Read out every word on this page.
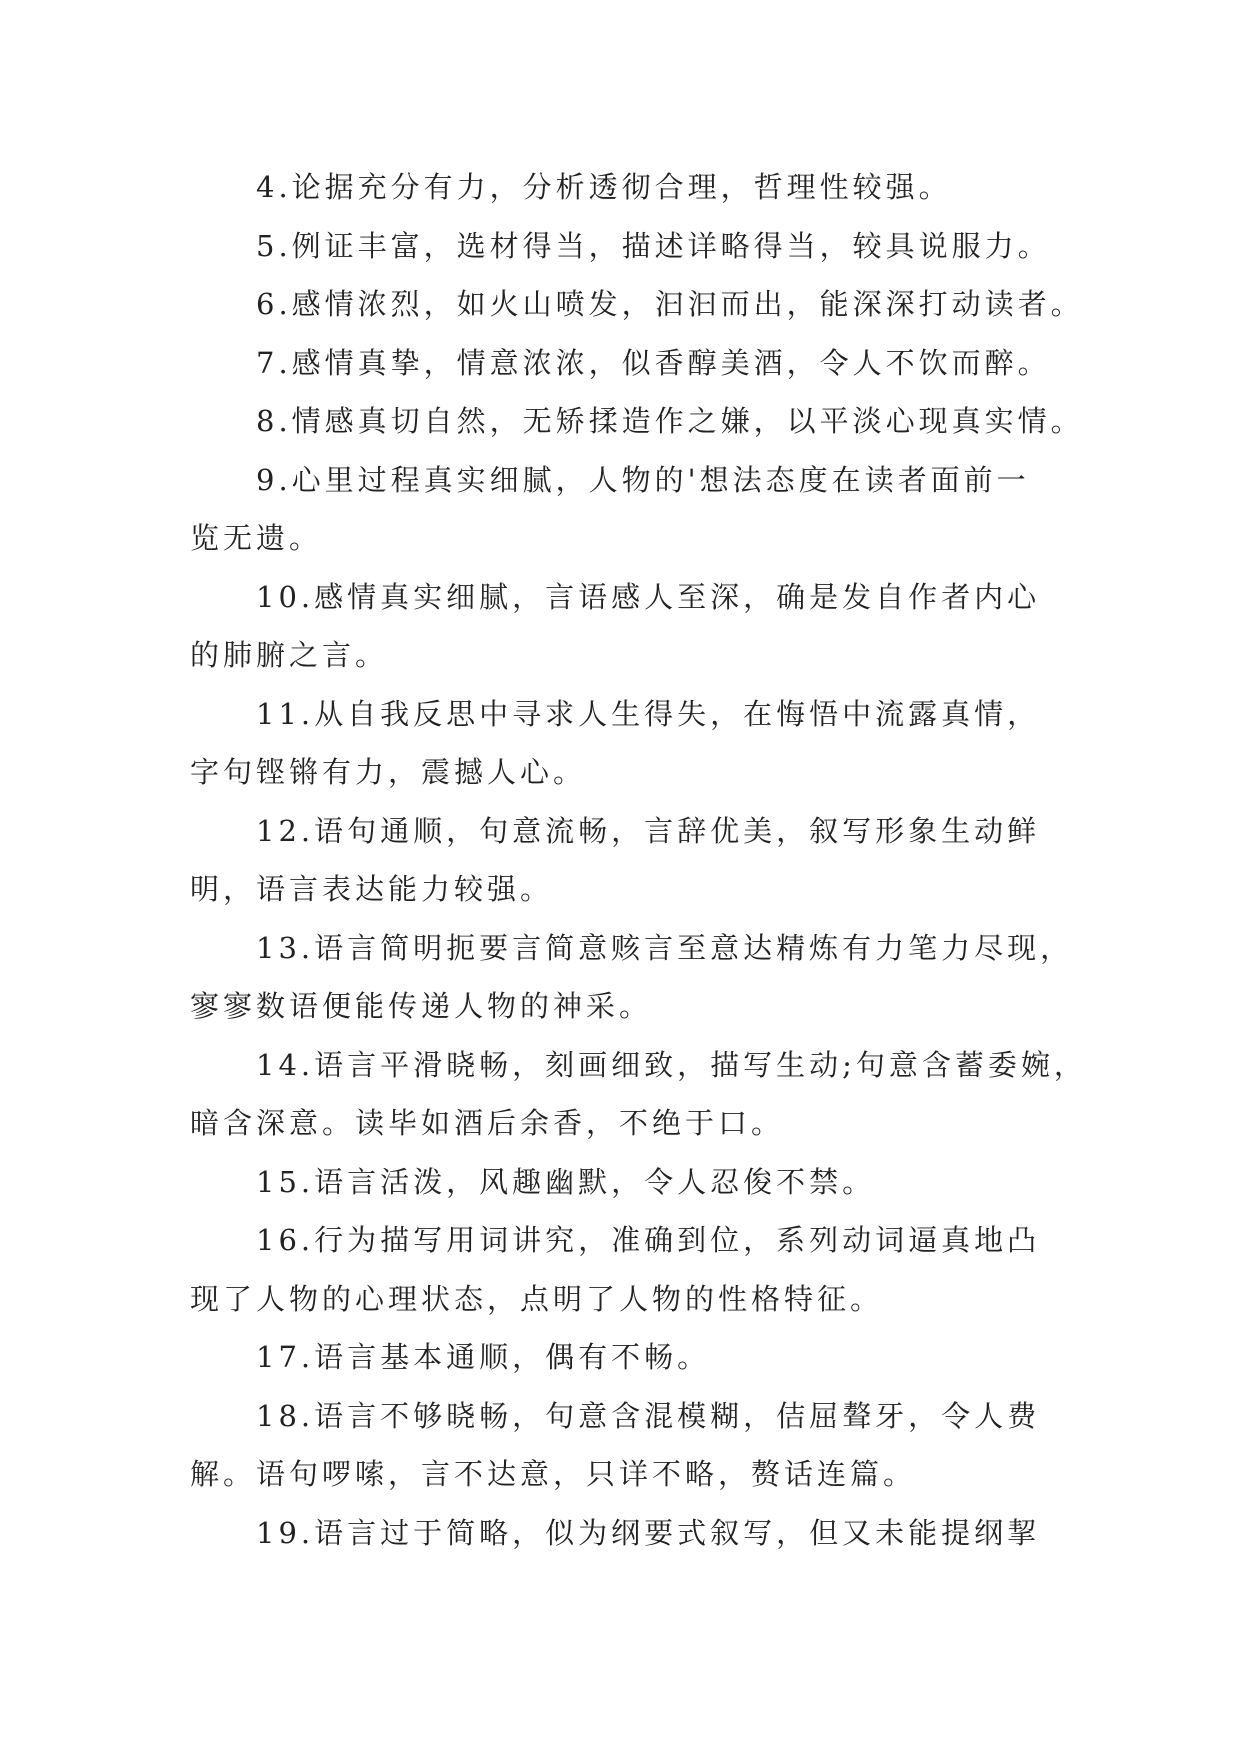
4.论据充分有力，分析透彻合理，哲理性较强。
5.例证丰富，选材得当，描述详略得当，较具说服力。
6.感情浓烈，如火山喷发，汩汩而出，能深深打动读者。
7.感情真挚，情意浓浓，似香醇美酒，令人不饮而醉。
8.情感真切自然，无矫揉造作之嫌，以平淡心现真实情。
9.心里过程真实细腻，人物的'想法态度在读者面前一
览无遗。
10.感情真实细腻，言语感人至深，确是发自作者内心
的肺腑之言。
11.从自我反思中寻求人生得失，在悔悟中流露真情，
字句铿锵有力，震撼人心。
12.语句通顺，句意流畅，言辞优美，叙写形象生动鲜
明，语言表达能力较强。
13.语言简明扼要言简意赅言至意达精炼有力笔力尽现，
寥寥数语便能传递人物的神采。
14.语言平滑晓畅，刻画细致，描写生动;句意含蓄委婉，
暗含深意。读毕如酒后余香，不绝于口。
15.语言活泼，风趣幽默，令人忍俊不禁。
16.行为描写用词讲究，准确到位，系列动词逼真地凸
现了人物的心理状态，点明了人物的性格特征。
17.语言基本通顺，偶有不畅。
18.语言不够晓畅，句意含混模糊，佶屈聱牙，令人费
解。语句啰嗦，言不达意，只详不略，赘话连篇。
19.语言过于简略，似为纲要式叙写，但又未能提纲挈
